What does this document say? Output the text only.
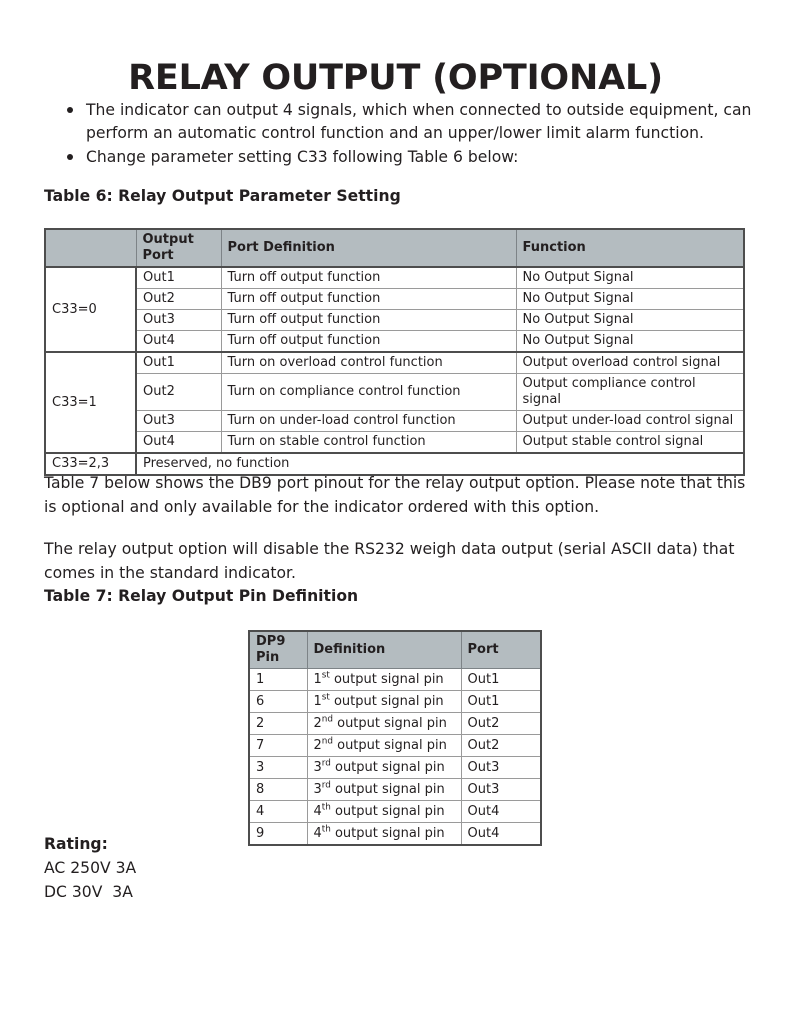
RELAY OUTPUT (OPTIONAL)
The indicator can output 4 signals, which when connected to outside equipment, can perform an automatic control function and an upper/lower limit alarm function.
Change parameter setting C33 following Table 6 below:
Table 6: Relay Output Parameter Setting
	Output Port	Port Definition	Function
C33=0	Out1	Turn off output function	No Output Signal
	Out2	Turn off output function	No Output Signal
	Out3	Turn off output function	No Output Signal
	Out4	Turn off output function	No Output Signal
C33=1	Out1	Turn on overload control function	Output overload control signal
	Out2	Turn on compliance control function	Output compliance control signal
	Out3	Turn on under-load control function	Output under-load control signal
	Out4	Turn on stable control function	Output stable control signal
C33=2,3	Preserved, no function		

Table 7 below shows the DB9 port pinout for the relay output option. Please note that this is optional and only available for the indicator ordered with this option.

The relay output option will disable the RS232 weigh data output (serial ASCII data) that comes in the standard indicator.

Table 7: Relay Output Pin Definition
DP9 Pin	Definition	Port
1	1st output signal pin	Out1
6	1st output signal pin	Out1
2	2nd output signal pin	Out2
7	2nd output signal pin	Out2
3	3rd output signal pin	Out3
8	3rd output signal pin	Out3
4	4th output signal pin	Out4
9	4th output signal pin	Out4
Rating:
AC 250V 3A
DC 30V  3A
